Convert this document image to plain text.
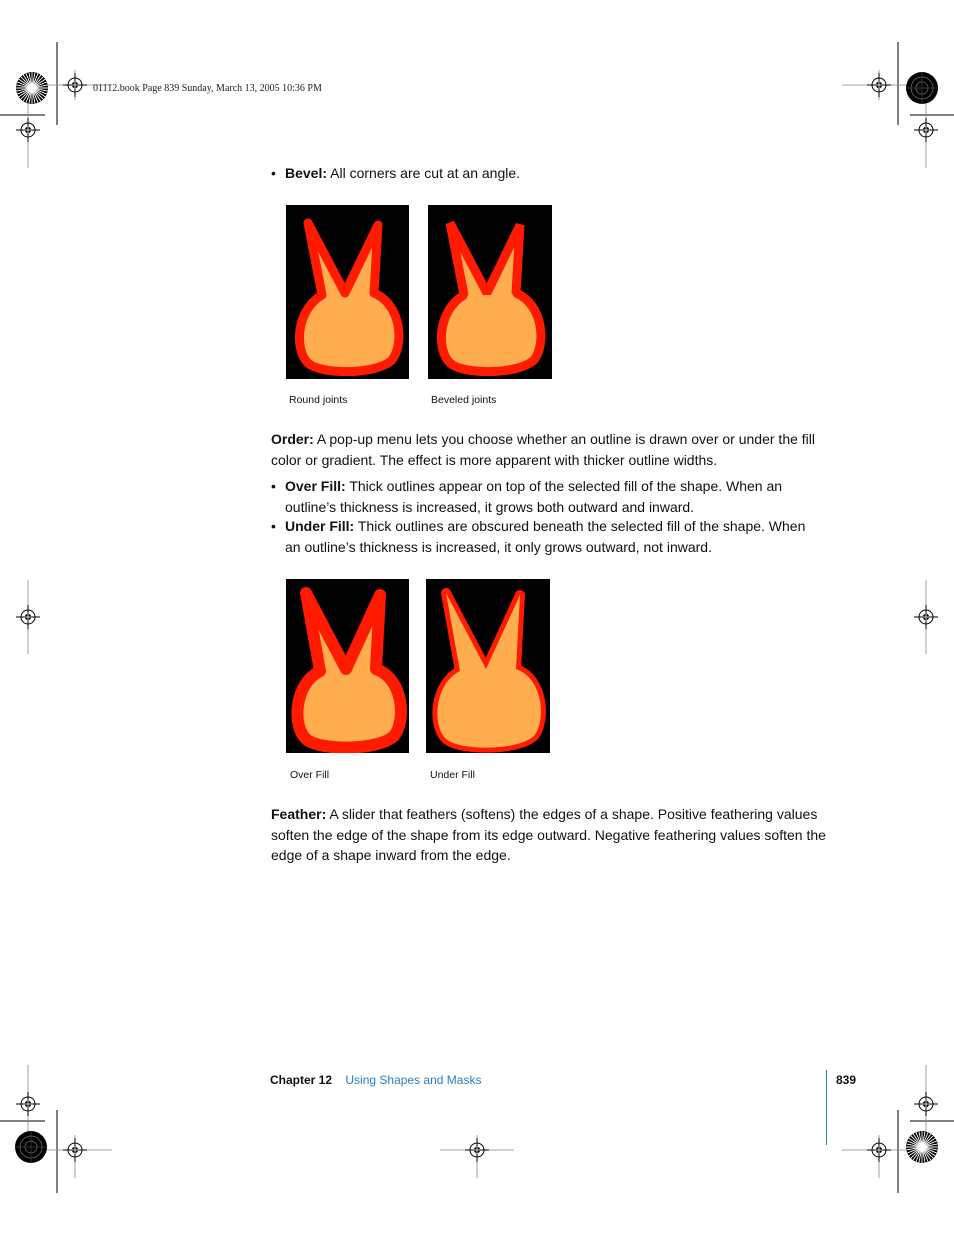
01112.book Page 839 Sunday, March 13, 2005 10:36 PM
• Bevel: All corners are cut at an angle.
Round joints	Beveled joints
Order: A pop-up menu lets you choose whether an outline is drawn over or under the fill color or gradient. The effect is more apparent with thicker outline widths.
• Over Fill: Thick outlines appear on top of the selected fill of the shape. When an outline’s thickness is increased, it grows both outward and inward.
• Under Fill: Thick outlines are obscured beneath the selected fill of the shape. When an outline’s thickness is increased, it only grows outward, not inward.
Over Fill	Under Fill
Feather: A slider that feathers (softens) the edges of a shape. Positive feathering values soften the edge of the shape from its edge outward. Negative feathering values soften the edge of a shape inward from the edge.
Chapter 12 Using Shapes and Masks	839
